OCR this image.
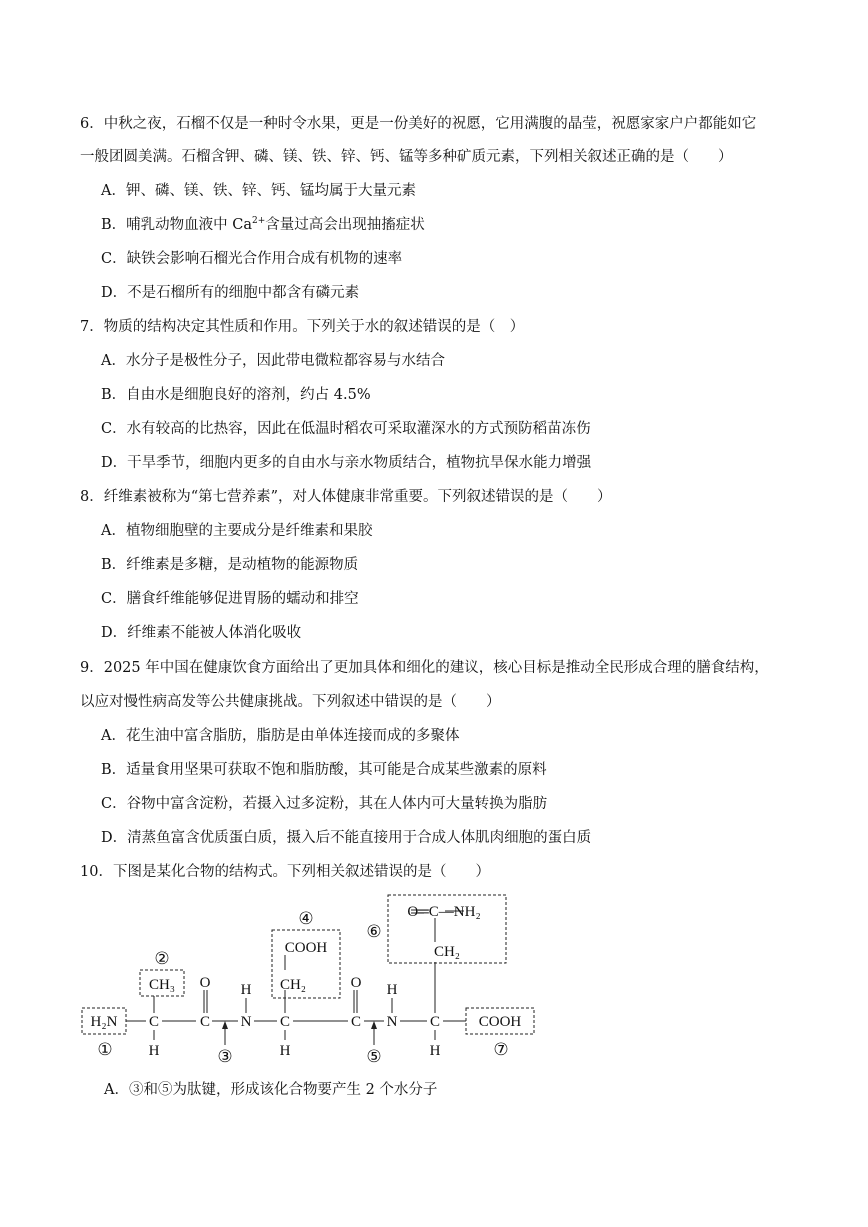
6．中秋之夜，石榴不仅是一种时令水果，更是一份美好的祝愿，它用满腹的晶莹，祝愿家家户户都能如它
一般团圆美满。石榴含钾、磷、镁、铁、锌、钙、锰等多种矿质元素，下列相关叙述正确的是（　　）
A．钾、磷、镁、铁、锌、钙、锰均属于大量元素
B．哺乳动物血液中 $Ca^{2+}$含量过高会出现抽搐症状
C．缺铁会影响石榴光合作用合成有机物的速率
D．不是石榴所有的细胞中都含有磷元素
7．物质的结构决定其性质和作用。下列关于水的叙述错误的是（　）
A．水分子是极性分子，因此带电微粒都容易与水结合
B．自由水是细胞良好的溶剂，约占 4.5%
C．水有较高的比热容，因此在低温时稻农可采取灌深水的方式预防稻苗冻伤
D．干旱季节，细胞内更多的自由水与亲水物质结合，植物抗旱保水能力增强
8．纤维素被称为“第七营养素”，对人体健康非常重要。下列叙述错误的是（　　）
A．植物细胞壁的主要成分是纤维素和果胶
B．纤维素是多糖，是动植物的能源物质
C．膳食纤维能够促进胃肠的蠕动和排空
D．纤维素不能被人体消化吸收
9．2025 年中国在健康饮食方面给出了更加具体和细化的建议，核心目标是推动全民形成合理的膳食结构，
以应对慢性病高发等公共健康挑战。下列叙述中错误的是（　　）
A．花生油中富含脂肪，脂肪是由单体连接而成的多聚体
B．适量食用坚果可获取不饱和脂肪酸，其可能是合成某些激素的原料
C．谷物中富含淀粉，若摄入过多淀粉，其在人体内可大量转换为脂肪
D．清蒸鱼富含优质蛋白质，摄入后不能直接用于合成人体肌肉细胞的蛋白质
10．下图是某化合物的结构式。下列相关叙述错误的是（　　）
H₂N
CH₃
COOH
CH₂
O═C—NH₂
CH₂
COOH
C
H
C
O
N
H
C
H
C
O
N
H
C
H
①
②
③
④
⑤
⑥
⑦
A．③和⑤为肽键，形成该化合物要产生 2 个水分子
